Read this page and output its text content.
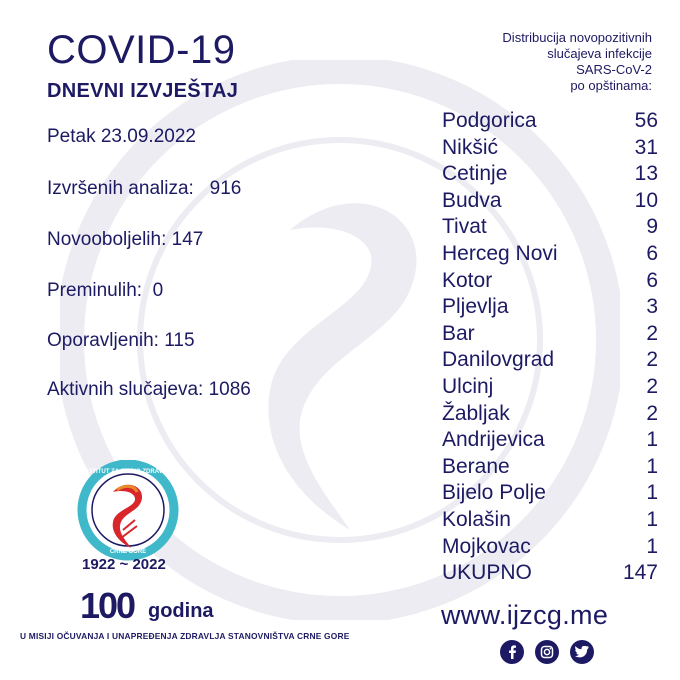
COVID-19
DNEVNI IZVJEŠTAJ
Petak 23.09.2022
Izvršenih analiza:   916
Novooboljelih: 147
Preminulih:  0
Oporavljenih: 115
Aktivnih slučajeva: 1086
Distribucija novopozitivnih
slučajeva infekcije
SARS-CoV-2
po opštinama:
Podgorica	56
Nikšić	31
Cetinje	13
Budva	10
Tivat	9
Herceg Novi	6
Kotor	6
Pljevlja	3
Bar	2
Danilovgrad	2
Ulcinj	2
Žabljak	2
Andrijevica	1
Berane	1
Bijelo Polje	1
Kolašin	1
Mojkovac	1
UKUPNO	147
INSTITUT ZA JAVNO ZDRAVLJE
CRNE GORE
1922 ~ 2022
100 godina
U MISIJI OČUVANJA I UNAPREĐENJA ZDRAVLJA STANOVNIŠTVA CRNE GORE
www.ijzcg.me
